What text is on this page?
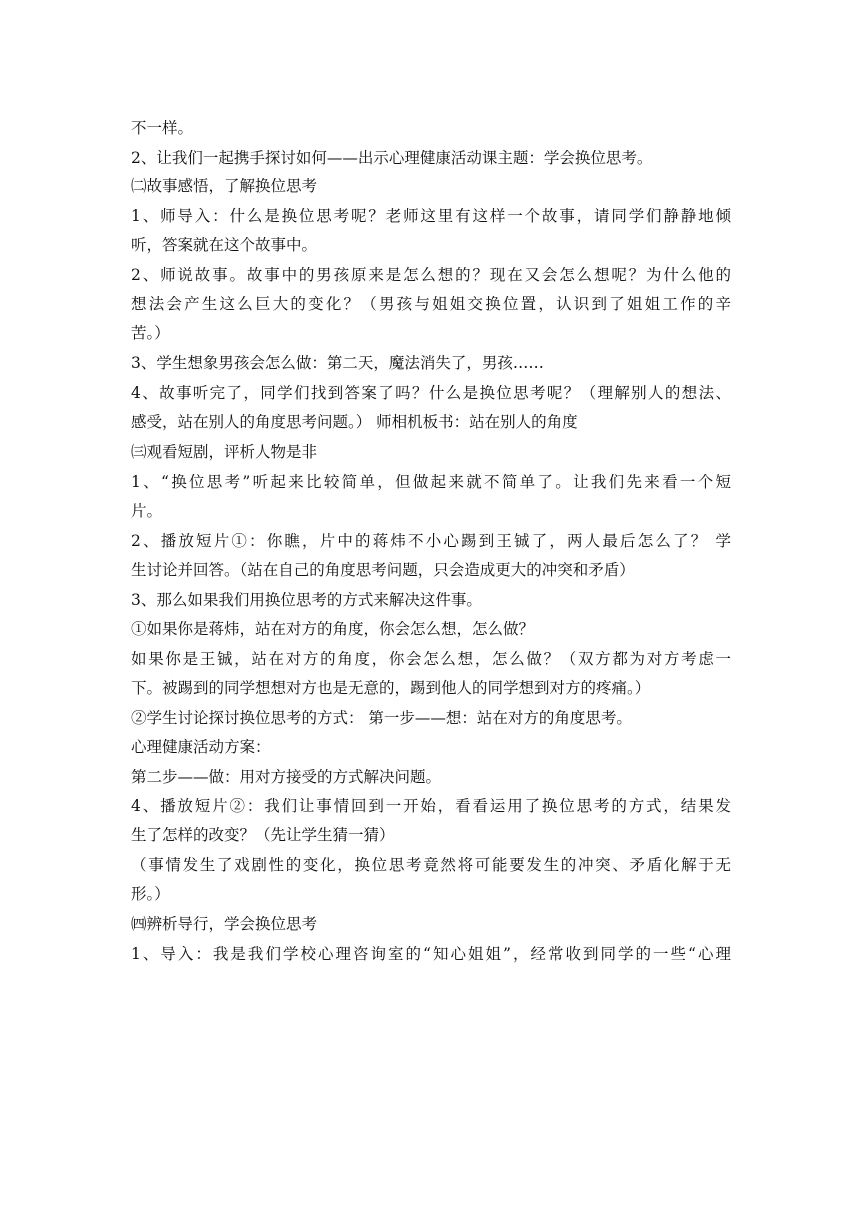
不一样。

2、让我们一起携手探讨如何——出示心理健康活动课主题：学会换位思考。

㈡故事感悟，了解换位思考

1、师导入：什么是换位思考呢？老师这里有这样一个故事，请同学们静静地倾

听，答案就在这个故事中。

2、师说故事。故事中的男孩原来是怎么想的？现在又会怎么想呢？为什么他的

想法会产生这么巨大的变化？（男孩与姐姐交换位置，认识到了姐姐工作的辛

苦。）

3、学生想象男孩会怎么做：第二天，魔法消失了，男孩……

4、故事听完了，同学们找到答案了吗？什么是换位思考呢？（理解别人的想法、

感受，站在别人的角度思考问题。） 师相机板书：站在别人的角度

㈢观看短剧，评析人物是非

1、“换位思考”听起来比较简单，但做起来就不简单了。让我们先来看一个短

片。

2、播放短片①：你瞧，片中的蒋炜不小心踢到王铖了，两人最后怎么了？ 学

生讨论并回答。（站在自己的角度思考问题，只会造成更大的冲突和矛盾）

3、那么如果我们用换位思考的方式来解决这件事。

①如果你是蒋炜，站在对方的角度，你会怎么想，怎么做？

如果你是王铖，站在对方的角度，你会怎么想，怎么做？（双方都为对方考虑一

下。被踢到的同学想想对方也是无意的，踢到他人的同学想到对方的疼痛。）

②学生讨论探讨换位思考的方式： 第一步——想：站在对方的角度思考。

心理健康活动方案：

第二步——做：用对方接受的方式解决问题。

4、播放短片②：我们让事情回到一开始，看看运用了换位思考的方式，结果发

生了怎样的改变？（先让学生猜一猜）

（事情发生了戏剧性的变化，换位思考竟然将可能要发生的冲突、矛盾化解于无

形。）

㈣辨析导行，学会换位思考

1、导入：我是我们学校心理咨询室的“知心姐姐”，经常收到同学的一些“心理
